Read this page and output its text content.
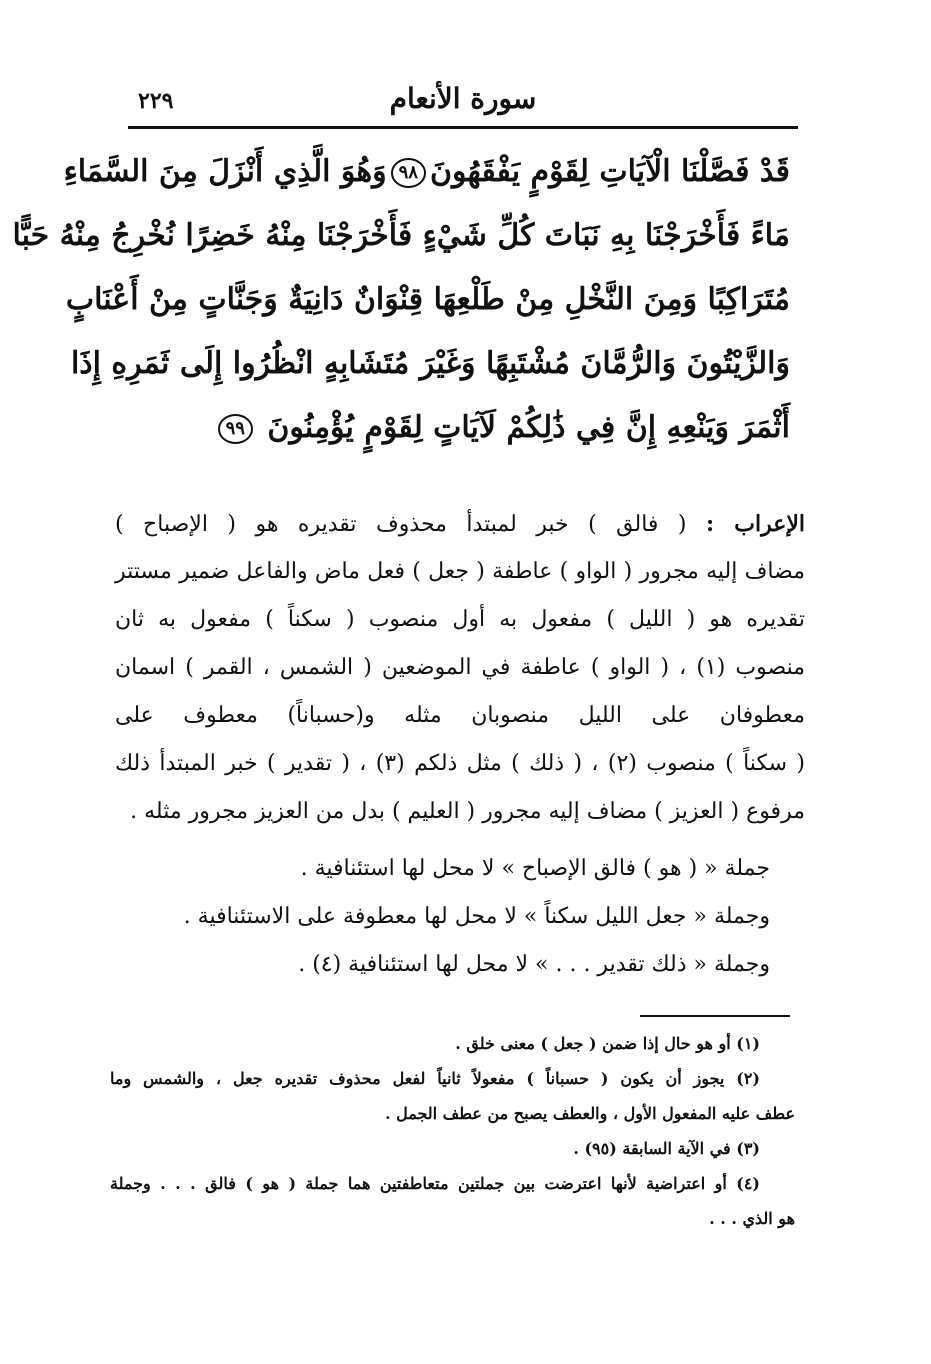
٢٢٩	سورة الأنعام
قَدْ فَصَّلْنَا الْآيَاتِ لِقَوْمٍ يَفْقَهُونَ٩٨وَهُوَ الَّذِي أَنْزَلَ مِنَ السَّمَاءِ
مَاءً فَأَخْرَجْنَا بِهِ نَبَاتَ كُلِّ شَيْءٍ فَأَخْرَجْنَا مِنْهُ خَضِرًا نُخْرِجُ مِنْهُ حَبًّا
مُتَرَاكِبًا وَمِنَ النَّخْلِ مِنْ طَلْعِهَا قِنْوَانٌ دَانِيَةٌ وَجَنَّاتٍ مِنْ أَعْنَابٍ
وَالزَّيْتُونَ وَالرُّمَّانَ مُشْتَبِهًا وَغَيْرَ مُتَشَابِهٍ انْظُرُوا إِلَى ثَمَرِهِ إِذَا
أَثْمَرَ وَيَنْعِهِ إِنَّ فِي ذَٰلِكُمْ لَآيَاتٍ لِقَوْمٍ يُؤْمِنُونَ ٩٩
الإعراب : ( فالق ) خبر لمبتدأ محذوف تقديره هو ( الإصباح )
مضاف إليه مجرور ( الواو ) عاطفة ( جعل ) فعل ماض والفاعل ضمير مستتر
تقديره هو ( الليل ) مفعول به أول منصوب ( سكناً ) مفعول به ثان
منصوب (١) ، ( الواو ) عاطفة في الموضعين ( الشمس ، القمر ) اسمان
معطوفان على الليل منصوبان مثله و(حسباناً) معطوف على
( سكناً ) منصوب (٢) ، ( ذلك ) مثل ذلكم (٣) ، ( تقدير ) خبر المبتدأ ذلك
مرفوع ( العزيز ) مضاف إليه مجرور ( العليم ) بدل من العزيز مجرور مثله .
جملة « ( هو ) فالق الإصباح » لا محل لها استئنافية .
وجملة « جعل الليل سكناً » لا محل لها معطوفة على الاستئنافية .
وجملة « ذلك تقدير . . . » لا محل لها استئنافية (٤) .
(١) أو هو حال إذا ضمن ( جعل ) معنى خلق .
(٢) يجوز أن يكون ( حسباناً ) مفعولاً ثانياً لفعل محذوف تقديره جعل ، والشمس وما
عطف عليه المفعول الأول ، والعطف يصبح من عطف الجمل .
(٣) في الآية السابقة (٩٥) .
(٤) أو اعتراضية لأنها اعترضت بين جملتين متعاطفتين هما جملة ( هو ) فالق . . . وجملة
هو الذي . . .
